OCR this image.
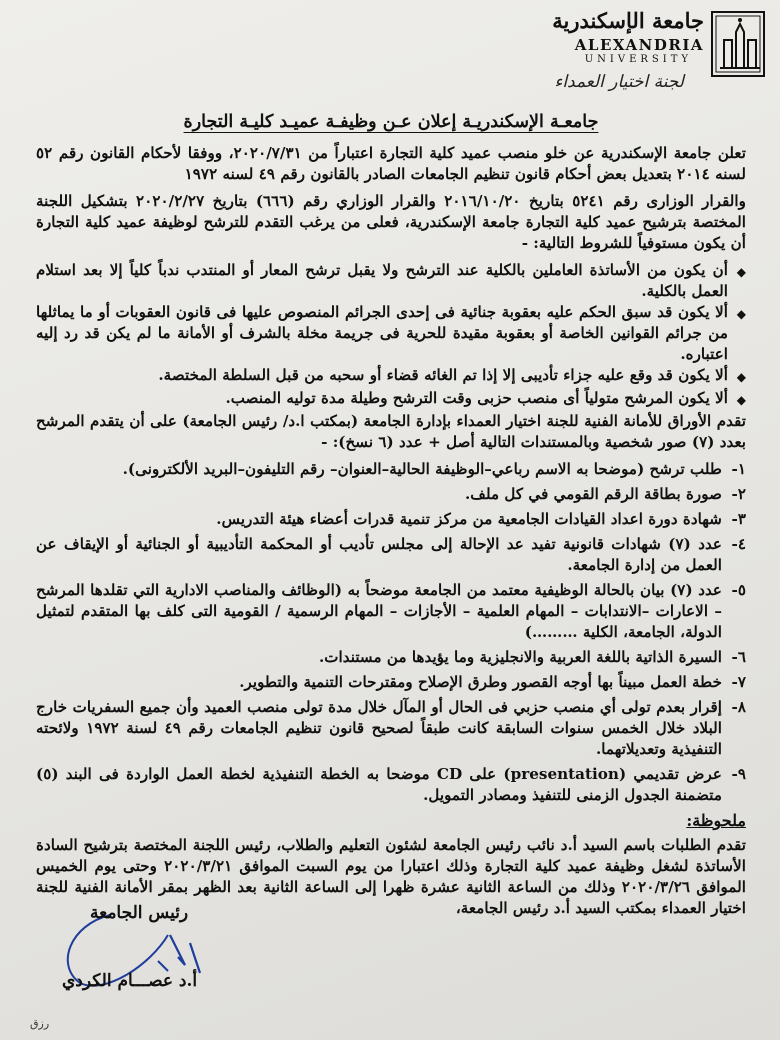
جامعة الإسكندرية
ALEXANDRIA
UNIVERSITY
لجنة اختيار العمداء
جامعـة الإسكندريـة إعلان عـن وظيفـة عميـد كليـة التجارة

تعلن جامعة الإسكندرية عن خلو منصب عميد كلية التجارة اعتباراً من ٢٠٢٠/٧/٣١، ووفقا لأحكام القانون رقم ٥٢ لسنه ٢٠١٤ بتعديل بعض أحكام قانون تنظيم الجامعات الصادر بالقانون رقم ٤٩ لسنه ١٩٧٢

والقرار الوزارى رقم ٥٢٤١ بتاريخ ٢٠١٦/١٠/٢٠ والقرار الوزاري رقم (٦٦٦) بتاريخ ٢٠٢٠/٢/٢٧ بتشكيل اللجنة المختصة بترشيح عميد كلية التجارة جامعة الإسكندرية، فعلى من يرغب التقدم للترشح لوظيفة عميد كلية التجارة أن يكون مستوفياً للشروط التالية: -

◆
أن يكون من الأساتذة العاملين بالكلية عند الترشح ولا يقبل ترشح المعار أو المنتدب ندباً كلياً إلا بعد استلام العمل بالكلية.
◆
ألا يكون قد سبق الحكم عليه بعقوبة جنائية فى إحدى الجرائم المنصوص عليها فى قانون العقوبات أو ما يماثلها من جرائم القوانين الخاصة أو بعقوبة مقيدة للحرية فى جريمة مخلة بالشرف أو الأمانة ما لم يكن قد رد إليه اعتباره.
◆
ألا يكون قد وقع عليه جزاء تأديبى إلا إذا تم الغائه قضاء أو سحبه من قبل السلطة المختصة.
◆
ألا يكون المرشح متولياً أى منصب حزبى وقت الترشح وطيلة مدة توليه المنصب.

تقدم الأوراق للأمانة الفنية للجنة اختيار العمداء بإدارة الجامعة (بمكتب ا.د/ رئيس الجامعة) على أن يتقدم المرشح بعدد (٧) صور شخصية وبالمستندات التالية أصل + عدد (٦ نسخ): -

١-
طلب ترشح (موضحا به الاسم رباعي–الوظيفة الحالية–العنوان– رقم التليفون–البريد الألكترونى).
٢-
صورة بطاقة الرقم القومي في كل ملف.
٣-
شهادة دورة اعداد القيادات الجامعية من مركز تنمية قدرات أعضاء هيئة التدريس.
٤-
عدد (٧) شهادات قانونية تفيد عد الإحالة إلى مجلس تأديب أو المحكمة التأديبية أو الجنائية أو الإيقاف عن العمل من إدارة الجامعة.
٥-
عدد (٧) بيان بالحالة الوظيفية معتمد من الجامعة موضحاً به (الوظائف والمناصب الادارية التي تقلدها المرشح – الاعارات –الانتدابات – المهام العلمية – الأجازات – المهام الرسمية / القومية التى كلف بها المتقدم لتمثيل الدولة، الجامعة، الكلية ………)
٦-
السيرة الذاتية باللغة العربية والانجليزية وما يؤيدها من مستندات.
٧-
خطة العمل مبيناً بها أوجه القصور وطرق الإصلاح ومقترحات التنمية والتطوير.
٨-
إقرار بعدم تولى أي منصب حزبي فى الحال أو المآل خلال مدة تولى منصب العميد وأن جميع السفريات خارج البلاد خلال الخمس سنوات السابقة كانت طبقاً لصحيح قانون تنظيم الجامعات رقم ٤٩ لسنة ١٩٧٢ ولائحته التنفيذية وتعديلاتهما.
٩-
عرض تقديمي (presentation) على CD موضحا به الخطة التنفيذية لخطة العمل الواردة فى البند (٥) متضمنة الجدول الزمنى للتنفيذ ومصادر التمويل.
ملحوظة:

تقدم الطلبات باسم السيد أ.د نائب رئيس الجامعة لشئون التعليم والطلاب، رئيس اللجنة المختصة بترشيح السادة الأساتذة لشغل وظيفة عميد كلية التجارة وذلك اعتبارا من يوم السبت الموافق ٢٠٢٠/٣/٢١ وحتى يوم الخميس الموافق ٢٠٢٠/٣/٢٦ وذلك من الساعة الثانية عشرة ظهرا إلى الساعة الثانية بعد الظهر بمقر الأمانة الفنية للجنة اختيار العمداء بمكتب السيد أ.د رئيس الجامعة،

رئيس الجامعة
أ.د عصـــام الكردي
رزق
